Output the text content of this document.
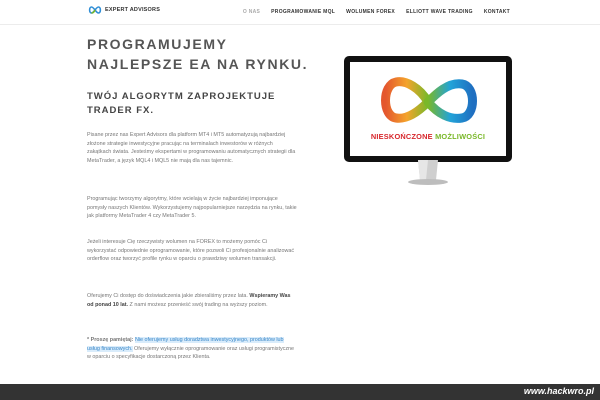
EXPERT ADVISORS	O NAS PROGRAMOWANIE MQL WOLUMEN FOREX ELLIOTT WAVE TRADING KONTAKT
PROGRAMUJEMY
NAJLEPSZE EA NA RYNKU.
TWÓJ ALGORYTM ZAPROJEKTUJE
TRADER FX.

Pisane przez nas Expert Advisors dla platform MT4 i MT5 automatyzują najbardziej złożone strategie inwestycyjne pracując na terminalach inwestorów w różnych zakątkach świata. Jesteśmy ekspertami w programowaniu automatycznych strategii dla MetaTrader, a język MQL4 i MQL5 nie mają dla nas tajemnic.

Programując tworzymy algorytmy, które wcielają w życie najbardziej imponujące pomysły naszych Klientów. Wykorzystujemy najpopularniejsze narzędzia na rynku, takie jak platformy MetaTrader 4 czy MetaTrader 5.

Jeżeli interesuje Cię rzeczywisty wolumen na FOREX to możemy pomóc Ci wykorzystać odpowiednie oprogramowanie, które pozwoli Ci profesjonalnie analizować orderflow oraz tworzyć profile rynku w oparciu o prawdziwy wolumen transakcji.

Oferujemy Ci dostęp do doświadczenia jakie zbieraliśmy przez lata. Wspieramy Was od ponad 10 lat. Z nami możesz przenieść swój trading na wyższy poziom.

* Proszę pamiętaj: Nie oferujemy usług doradztwa inwestycyjnego, produktów lub usług finansowych. Oferujemy wyłącznie oprogramowanie oraz usługi programistyczne w oparciu o specyfikacje dostarczoną przez Klienta.

NIESKOŃCZONE MOŻLIWOŚCI
www.hackwro.pl
